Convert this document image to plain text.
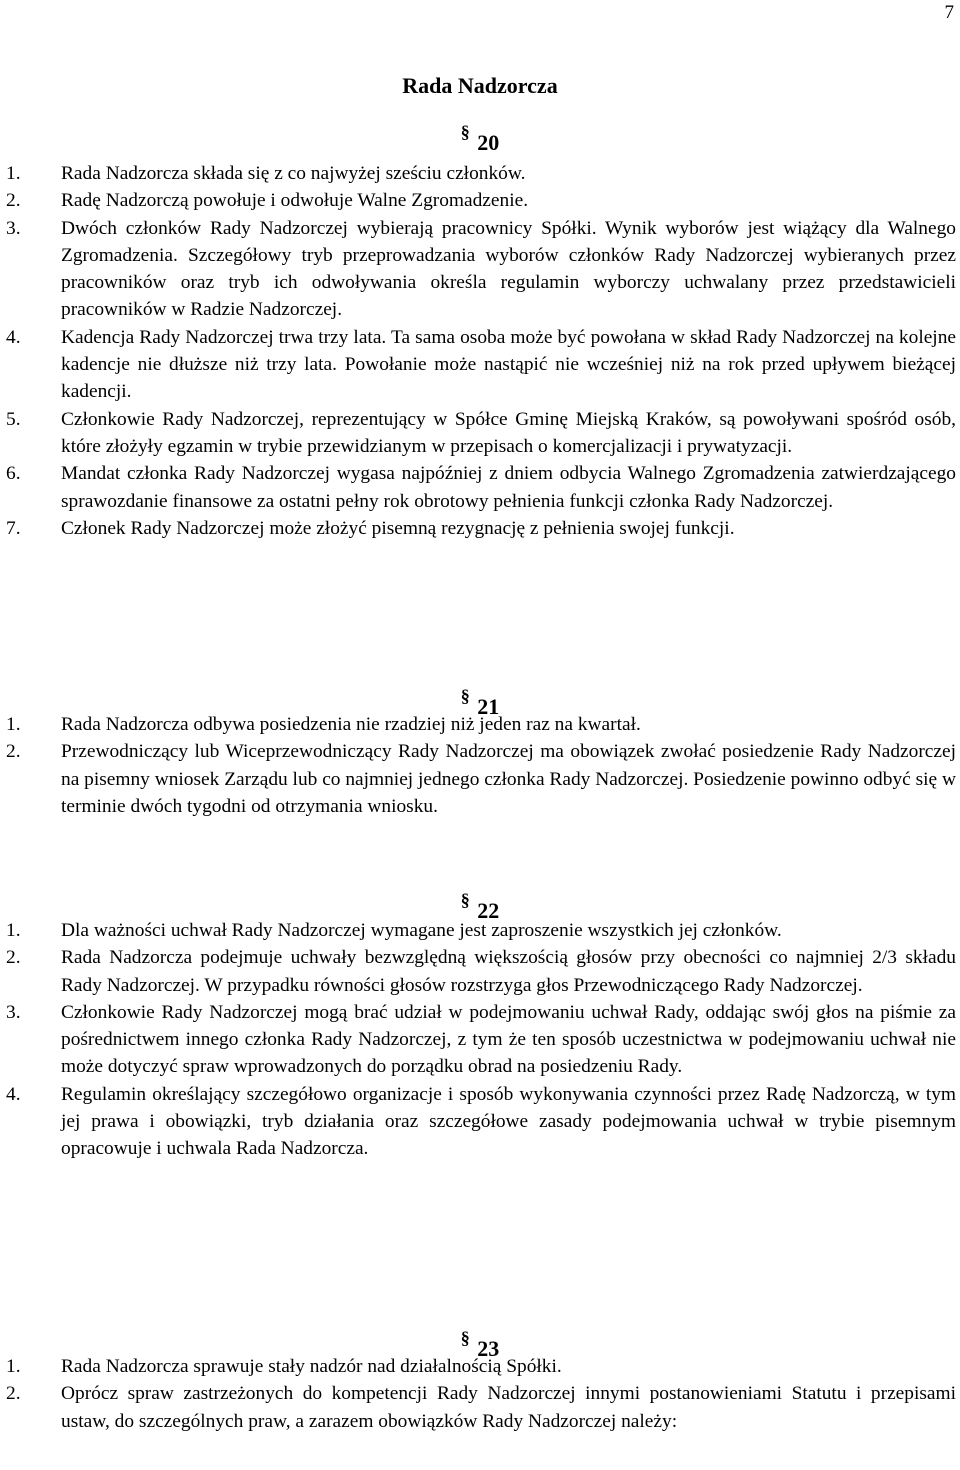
7
Rada Nadzorcza
§ 20
1. Rada Nadzorcza składa się z co najwyżej sześciu członków.
2. Radę Nadzorczą powołuje i odwołuje Walne Zgromadzenie.
3. Dwóch członków Rady Nadzorczej wybierają pracownicy Spółki. Wynik wyborów jest wiążący dla Walnego Zgromadzenia. Szczegółowy tryb przeprowadzania wyborów członków Rady Nadzorczej wybieranych przez pracowników oraz tryb ich odwoływania określa regulamin wyborczy uchwalany przez przedstawicieli pracowników w Radzie Nadzorczej.
4. Kadencja Rady Nadzorczej trwa trzy lata. Ta sama osoba może być powołana w skład Rady Nadzorczej na kolejne kadencje nie dłuższe niż trzy lata. Powołanie może nastąpić nie wcześniej niż na rok przed upływem bieżącej kadencji.
5. Członkowie Rady Nadzorczej, reprezentujący w Spółce Gminę Miejską Kraków, są powoływani spośród osób, które złożyły egzamin w trybie przewidzianym w przepisach o komercjalizacji i prywatyzacji.
6. Mandat członka Rady Nadzorczej wygasa najpóźniej z dniem odbycia Walnego Zgromadzenia zatwierdzającego sprawozdanie finansowe za ostatni pełny rok obrotowy pełnienia funkcji członka Rady Nadzorczej.
7. Członek Rady Nadzorczej może złożyć pisemną rezygnację z pełnienia swojej funkcji.
§ 21
1. Rada Nadzorcza odbywa posiedzenia nie rzadziej niż jeden raz na kwartał.
2. Przewodniczący lub Wiceprzewodniczący Rady Nadzorczej ma obowiązek zwołać posiedzenie Rady Nadzorczej na pisemny wniosek Zarządu lub co najmniej jednego członka Rady Nadzorczej. Posiedzenie powinno odbyć się w terminie dwóch tygodni od otrzymania wniosku.
§ 22
1. Dla ważności uchwał Rady Nadzorczej wymagane jest zaproszenie wszystkich jej członków.
2. Rada Nadzorcza podejmuje uchwały bezwzględną większością głosów przy obecności co najmniej 2/3 składu Rady Nadzorczej. W przypadku równości głosów rozstrzyga głos Przewodniczącego Rady Nadzorczej.
3. Członkowie Rady Nadzorczej mogą brać udział w podejmowaniu uchwał Rady, oddając swój głos na piśmie za pośrednictwem innego członka Rady Nadzorczej, z tym że ten sposób uczestnictwa w podejmowaniu uchwał nie może dotyczyć spraw wprowadzonych do porządku obrad na posiedzeniu Rady.
4. Regulamin określający szczegółowo organizacje i sposób wykonywania czynności przez Radę Nadzorczą, w tym jej prawa i obowiązki, tryb działania oraz szczegółowe zasady podejmowania uchwał w trybie pisemnym opracowuje i uchwala Rada Nadzorcza.
§ 23
1. Rada Nadzorcza sprawuje stały nadzór nad działalnością Spółki.
2. Oprócz spraw zastrzeżonych do kompetencji Rady Nadzorczej innymi postanowieniami Statutu i przepisami ustaw, do szczególnych praw, a zarazem obowiązków Rady Nadzorczej należy:
